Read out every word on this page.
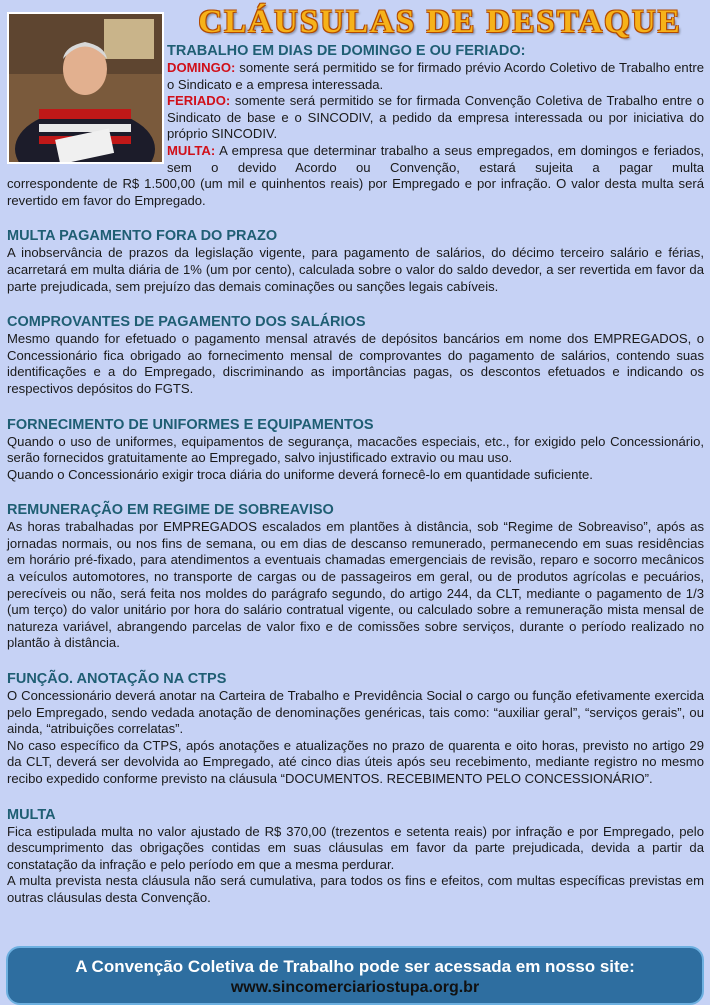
CLÁUSULAS DE DESTAQUE

TRABALHO EM DIAS DE DOMINGO E OU FERIADO:

DOMINGO: somente será permitido se for firmado prévio Acordo Coletivo de Trabalho entre o Sindicato e a empresa interessada.

FERIADO: somente será permitido se for firmada Convenção Coletiva de Trabalho entre o Sindicato de base e o SINCODIV, a pedido da empresa interessada ou por iniciativa do próprio SINCODIV.

MULTA: A empresa que determinar trabalho a seus empregados, em domingos e feriados, sem o devido Acordo ou Convenção, estará sujeita a pagar multa

correspondente de R$ 1.500,00 (um mil e quinhentos reais) por Empregado e por infração. O valor desta multa será revertido em favor do Empregado.

MULTA PAGAMENTO FORA DO PRAZO

A inobservância de prazos da legislação vigente, para pagamento de salários, do décimo terceiro salário e férias, acarretará em multa diária de 1% (um por cento), calculada sobre o valor do saldo devedor, a ser revertida em favor da parte prejudicada, sem prejuízo das demais cominações ou sanções legais cabíveis.

COMPROVANTES DE PAGAMENTO DOS SALÁRIOS

Mesmo quando for efetuado o pagamento mensal através de depósitos bancários em nome dos EMPREGADOS, o Concessionário fica obrigado ao fornecimento mensal de comprovantes do pagamento de salários, contendo suas identificações e a do Empregado, discriminando as importâncias pagas, os descontos efetuados e indicando os respectivos depósitos do FGTS.

FORNECIMENTO DE UNIFORMES E EQUIPAMENTOS

Quando o uso de uniformes, equipamentos de segurança, macacões especiais, etc., for exigido pelo Concessionário, serão fornecidos gratuitamente ao Empregado, salvo injustificado extravio ou mau uso.

Quando o Concessionário exigir troca diária do uniforme deverá fornecê-lo em quantidade suficiente.

REMUNERAÇÃO EM REGIME DE SOBREAVISO

As horas trabalhadas por EMPREGADOS escalados em plantões à distância, sob “Regime de Sobreaviso”, após as jornadas normais, ou nos fins de semana, ou em dias de descanso remunerado, permanecendo em suas residências em horário pré-fixado, para atendimentos a eventuais chamadas emergenciais de revisão, reparo e socorro mecânicos a veículos automotores, no transporte de cargas ou de passageiros em geral, ou de produtos agrícolas e pecuários, perecíveis ou não, será feita nos moldes do parágrafo segundo, do artigo 244, da CLT, mediante o pagamento de 1/3 (um terço) do valor unitário por hora do salário contratual vigente, ou calculado sobre a remuneração mista mensal de natureza variável, abrangendo parcelas de valor fixo e de comissões sobre serviços, durante o período realizado no plantão à distância.

FUNÇÃO. ANOTAÇÃO NA CTPS

O Concessionário deverá anotar na Carteira de Trabalho e Previdência Social o cargo ou função efetivamente exercida pelo Empregado, sendo vedada anotação de denominações genéricas, tais como: “auxiliar geral”, “serviços gerais”, ou ainda, “atribuições correlatas”.

No caso específico da CTPS, após anotações e atualizações no prazo de quarenta e oito horas, previsto no artigo 29 da CLT, deverá ser devolvida ao Empregado, até cinco dias úteis após seu recebimento, mediante registro no mesmo recibo expedido conforme previsto na cláusula “DOCUMENTOS. RECEBIMENTO PELO CONCESSIONÁRIO”.

MULTA

Fica estipulada multa no valor ajustado de R$ 370,00 (trezentos e setenta reais) por infração e por Empregado, pelo descumprimento das obrigações contidas em suas cláusulas em favor da parte prejudicada, devida a partir da constatação da infração e pelo período em que a mesma perdurar.

A multa prevista nesta cláusula não será cumulativa, para todos os fins e efeitos, com multas específicas previstas em outras cláusulas desta Convenção.

A Convenção Coletiva de Trabalho pode ser acessada em nosso site:
www.sincomerciariostupa.org.br
